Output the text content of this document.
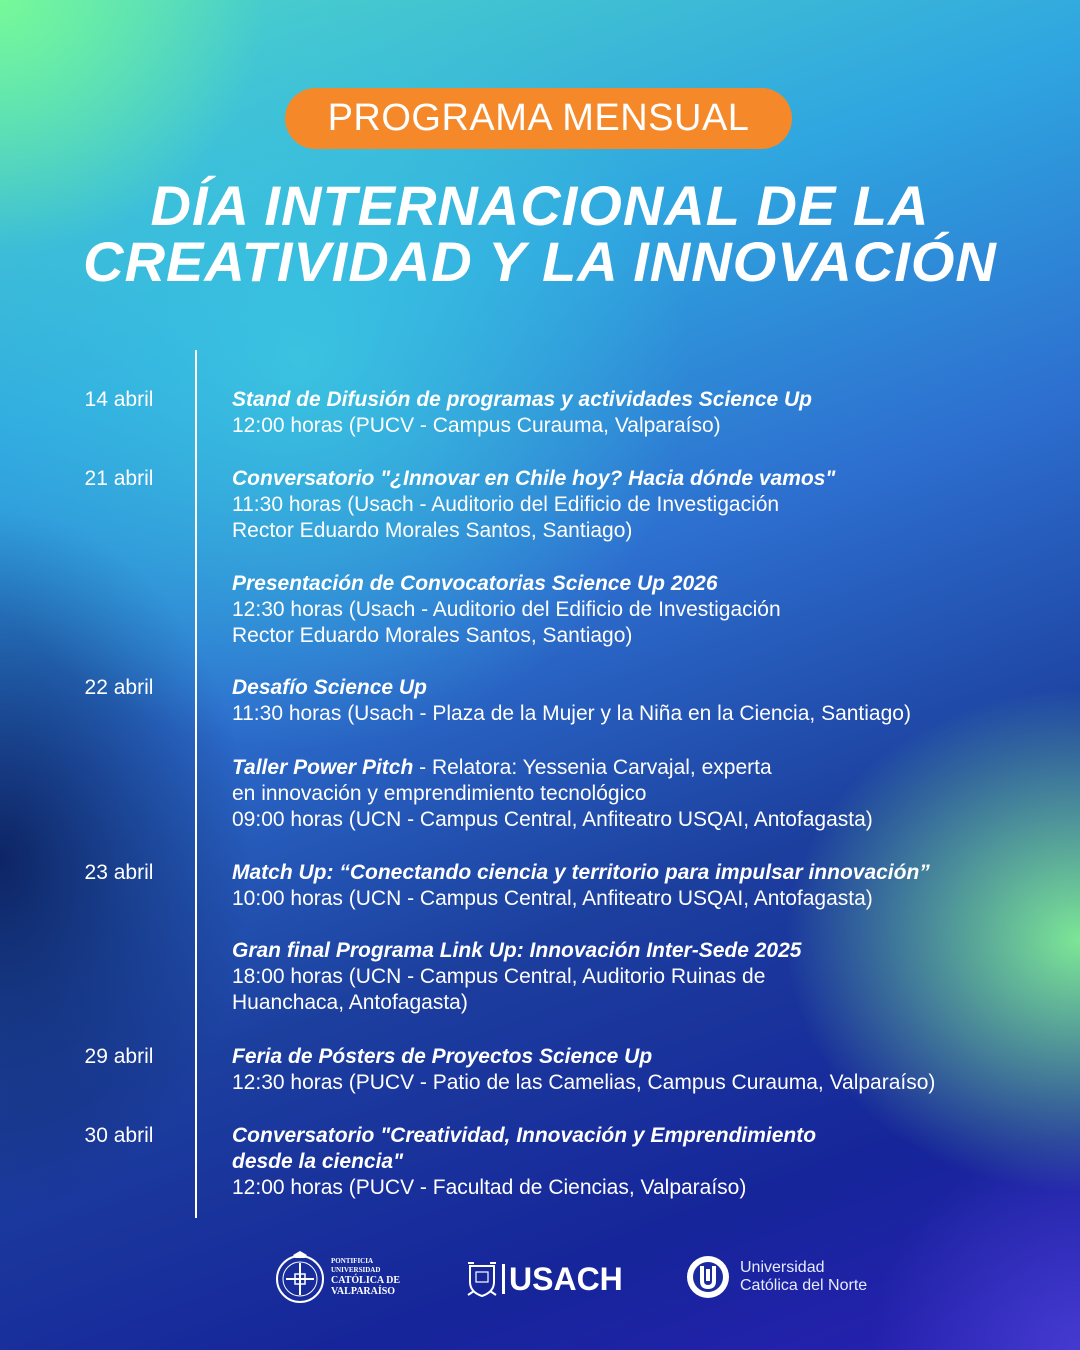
PROGRAMA MENSUAL
DÍA INTERNACIONAL DE LA
CREATIVIDAD Y LA INNOVACIÓN
14 abril	Stand de Difusión de programas y actividades Science Up
12:00 horas (PUCV - Campus Curauma, Valparaíso)
21 abril	Conversatorio "¿Innovar en Chile hoy? Hacia dónde vamos"
11:30 horas (Usach - Auditorio del Edificio de Investigación
Rector Eduardo Morales Santos, Santiago)
Presentación de Convocatorias Science Up 2026
12:30 horas (Usach - Auditorio del Edificio de Investigación
Rector Eduardo Morales Santos, Santiago)
22 abril	Desafío Science Up
11:30 horas (Usach - Plaza de la Mujer y la Niña en la Ciencia, Santiago)
Taller Power Pitch - Relatora: Yessenia Carvajal, experta
en innovación y emprendimiento tecnológico
09:00 horas (UCN - Campus Central, Anfiteatro USQAI, Antofagasta)
23 abril	Match Up: “Conectando ciencia y territorio para impulsar innovación”
10:00 horas (UCN - Campus Central, Anfiteatro USQAI, Antofagasta)
Gran final Programa Link Up: Innovación Inter-Sede 2025
18:00 horas (UCN - Campus Central, Auditorio Ruinas de
Huanchaca, Antofagasta)
29 abril	Feria de Pósters de Proyectos Science Up
12:30 horas (PUCV - Patio de las Camelias, Campus Curauma, Valparaíso)
30 abril	Conversatorio "Creatividad, Innovación y Emprendimiento
desde la ciencia"
12:00 horas (PUCV - Facultad de Ciencias, Valparaíso)
PONTIFICIA
UNIVERSIDAD
CATÓLICA DE
VALPARAÍSO	USACH	Universidad
Católica del Norte
